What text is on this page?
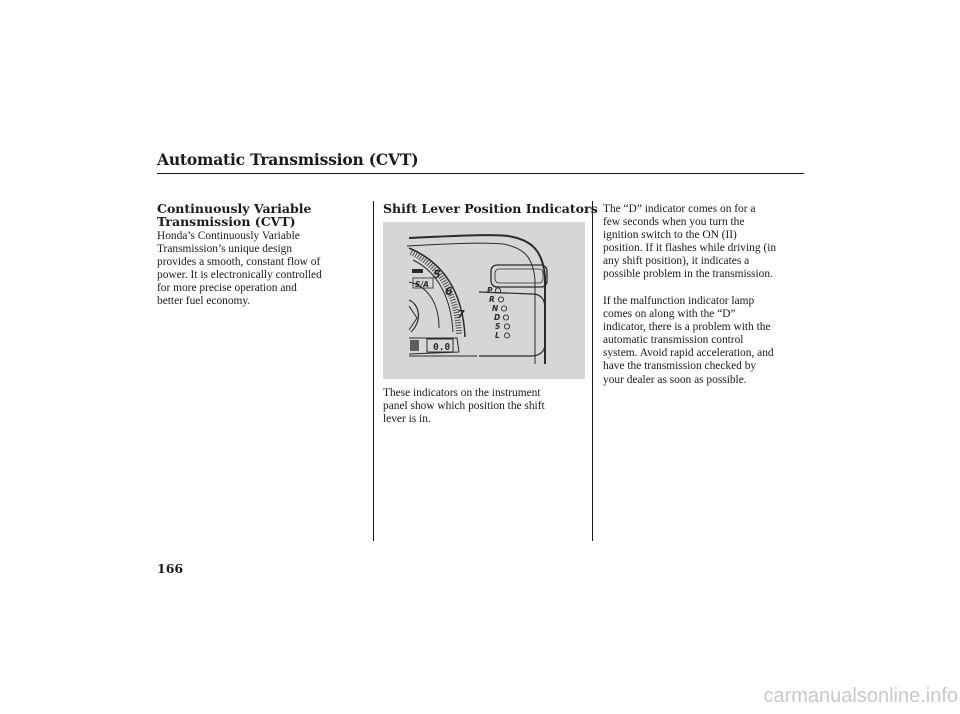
Automatic Transmission (CVT)
Continuously Variable
Transmission (CVT)
Honda’s Continuously Variable
Transmission’s unique design
provides a smooth, constant flow of
power. It is electronically controlled
for more precise operation and
better fuel economy.
Shift Lever Position Indicators
5
6
7
S/A
0.0
P
R
N
D
S
L
These indicators on the instrument
panel show which position the shift
lever is in.
The “D” indicator comes on for a
few seconds when you turn the
ignition switch to the ON (II)
position. If it flashes while driving (in
any shift position), it indicates a
possible problem in the transmission.
If the malfunction indicator lamp
comes on along with the “D”
indicator, there is a problem with the
automatic transmission control
system. Avoid rapid acceleration, and
have the transmission checked by
your dealer as soon as possible.
166
carmanualsonline.info
